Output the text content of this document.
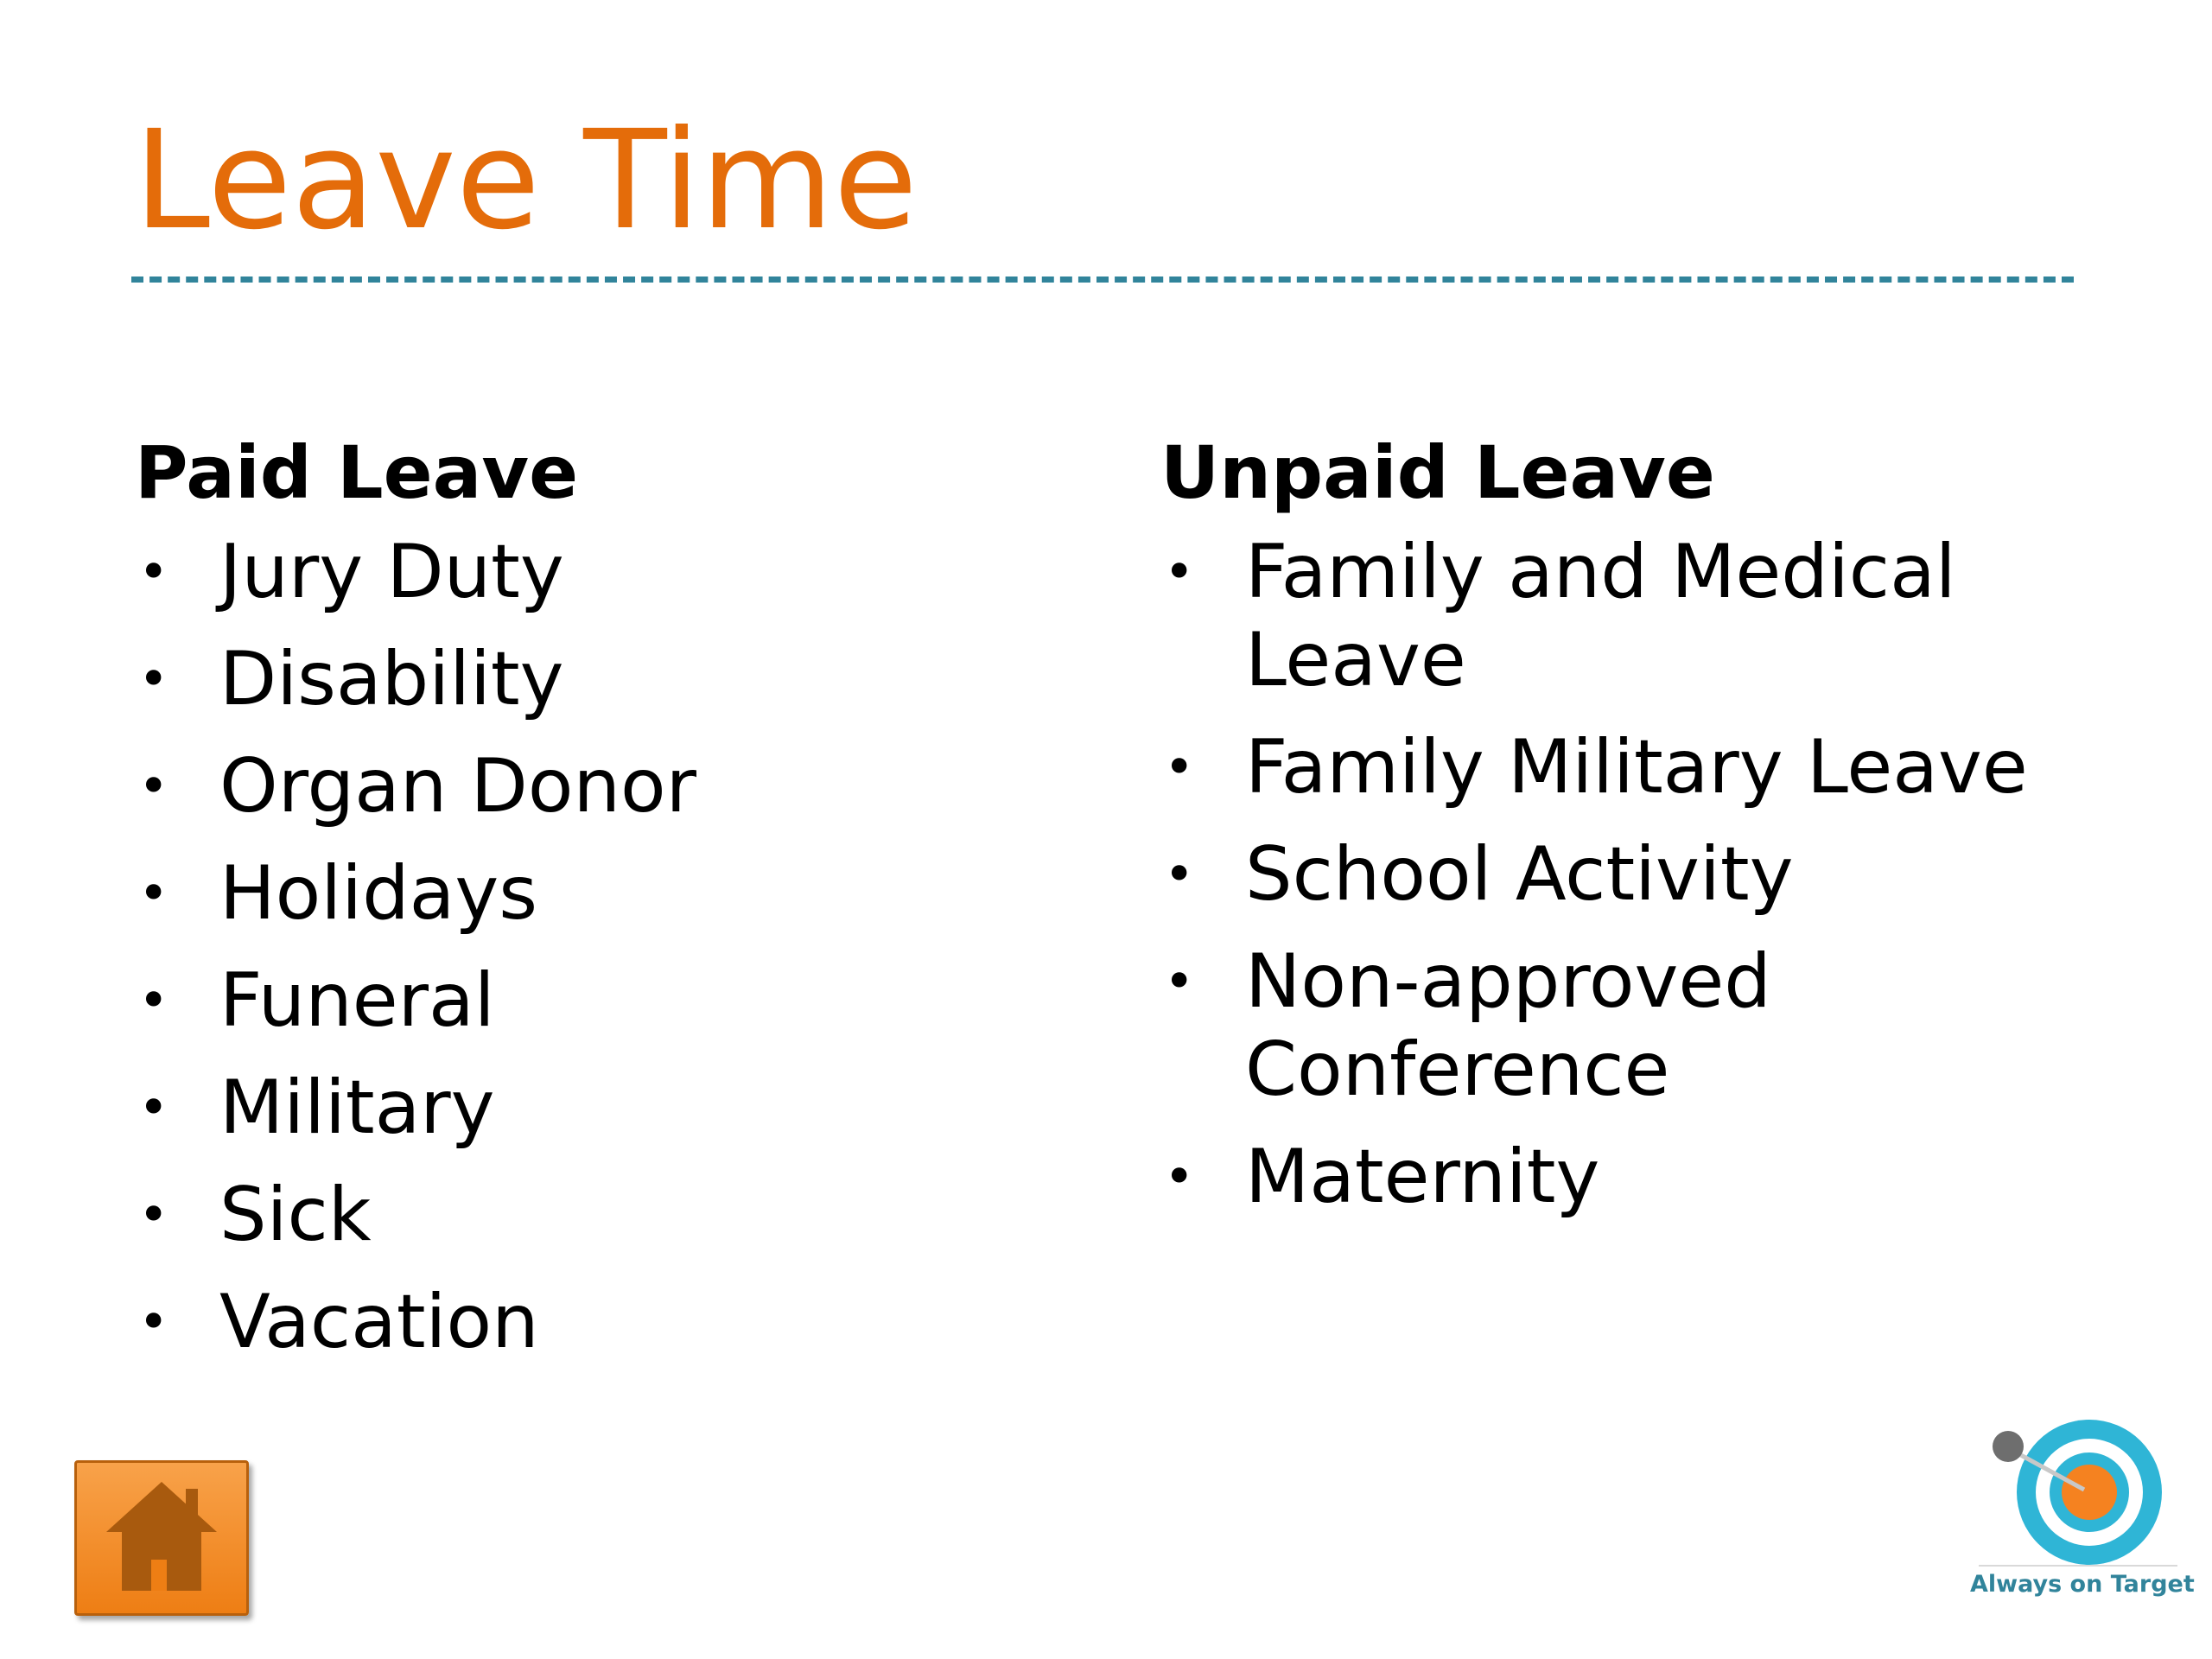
Leave Time
Paid Leave
• Jury Duty
• Disability
• Organ Donor
• Holidays
• Funeral
• Military
• Sick
• Vacation
Unpaid Leave
• Family and Medical Leave
• Family Military Leave
• School Activity
• Non-approved Conference
• Maternity
Always on Target
